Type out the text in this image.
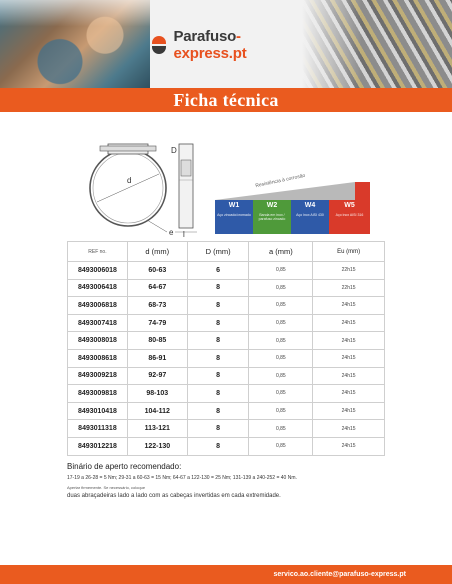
Parafuso-express.pt
Ficha técnica
d
D
e l
Resistência à corrosão
W1
Aço zincado/cromado
W2
Banda em inox / parafuso zincado
W4
Aço inox AISI 430
W5
Aço inox AISI 316
REF no.	d (mm)	D (mm)	a (mm)	Eu (mm)
8493006018	60-63	6	0,85	22h15
8493006418	64-67	8	0,85	22h15
8493006818	68-73	8	0,85	24h15
8493007418	74-79	8	0,85	24h15
8493008018	80-85	8	0,85	24h15
8493008618	86-91	8	0,85	24h15
8493009218	92-97	8	0,85	24h15
8493009818	98-103	8	0,85	24h15
8493010418	104-112	8	0,85	24h15
8493011318	113-121	8	0,85	24h15
8493012218	122-130	8	0,85	24h15
Binário de aperto recomendado:
17-19 a 26-28 = 5 Nm; 29-31 a 60-63 = 15 Nm; 64-67 a 122-130 = 25 Nm; 131-139 a 240-252 = 40 Nm.
Apertar firmemente. Se necessário, coloque
duas abraçadeiras lado a lado com as cabeças invertidas em cada extremidade.
servico.ao.cliente@parafuso-express.pt
